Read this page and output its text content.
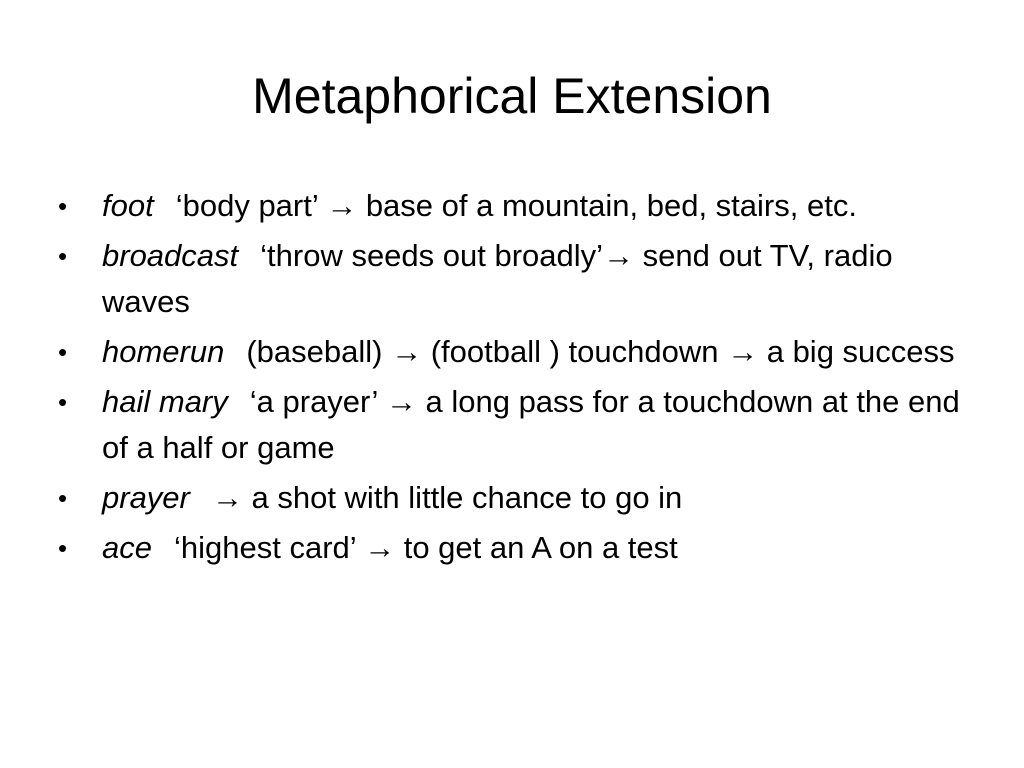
Metaphorical Extension
•	foot ‘body part’ → base of a mountain, bed, stairs, etc.
•	broadcast ‘throw seeds out broadly’→ send out TV, radio waves
•	homerun (baseball) → (football ) touchdown → a big success
•	hail mary ‘a prayer’ → a long pass for a touchdown at the end of a half or game
•	prayer → a shot with little chance to go in
•	ace ‘highest card’ → to get an A on a test
